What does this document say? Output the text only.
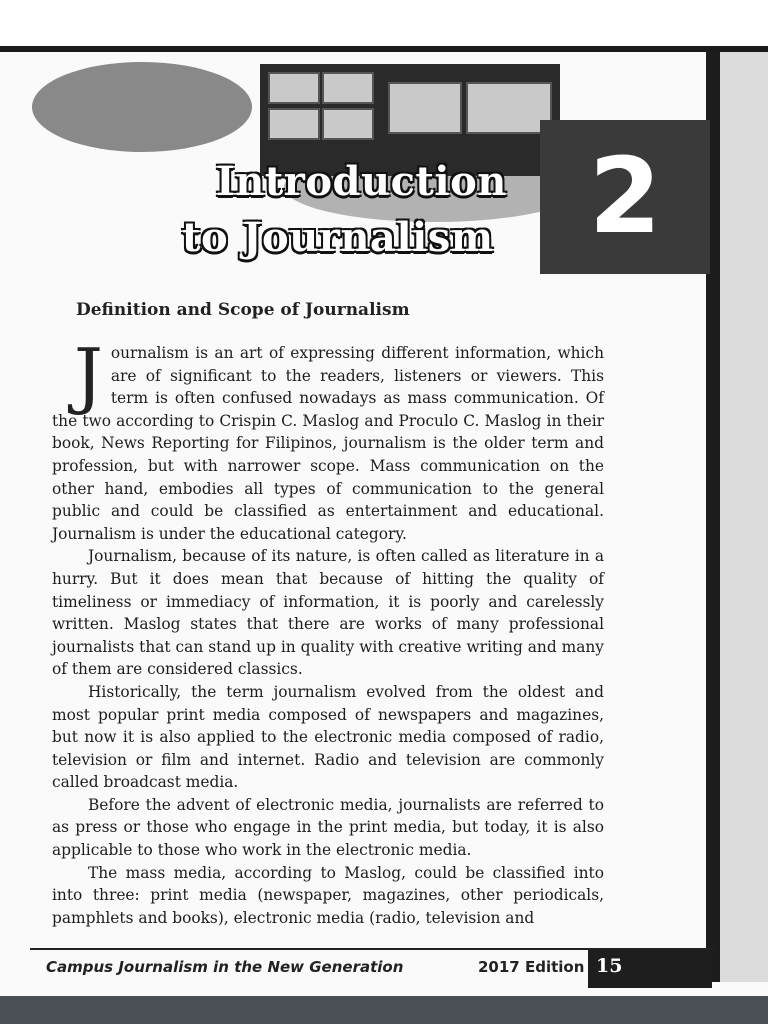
2
Introduction
to Journalism
Definition and Scope of Journalism

Journalism is an art of expressing different information, which are of significant to the readers, listeners or viewers. This term is often confused nowadays as mass communication. Of the two according to Crispin C. Maslog and Proculo C. Maslog in their book, News Reporting for Filipinos, journalism is the older term and profession, but with narrower scope. Mass communication on the other hand, embodies all types of communication to the general public and could be classified as entertainment and educational. Journalism is under the educational category.

Journalism, because of its nature, is often called as literature in a hurry. But it does mean that because of hitting the quality of timeliness or immediacy of information, it is poorly and carelessly written. Maslog states that there are works of many professional journalists that can stand up in quality with creative writing and many of them are considered classics.

Historically, the term journalism evolved from the oldest and most popular print media composed of newspapers and magazines, but now it is also applied to the electronic media composed of radio, television or film and internet. Radio and television are commonly called broadcast media.

Before the advent of electronic media, journalists are referred to as press or those who engage in the print media, but today, it is also applicable to those who work in the electronic media.

The mass media, according to Maslog, could be classified into into three: print media (newspaper, magazines, other periodicals, pamphlets and books), electronic media (radio, television and

Campus Journalism in the New Generation	2017 Edition 15
